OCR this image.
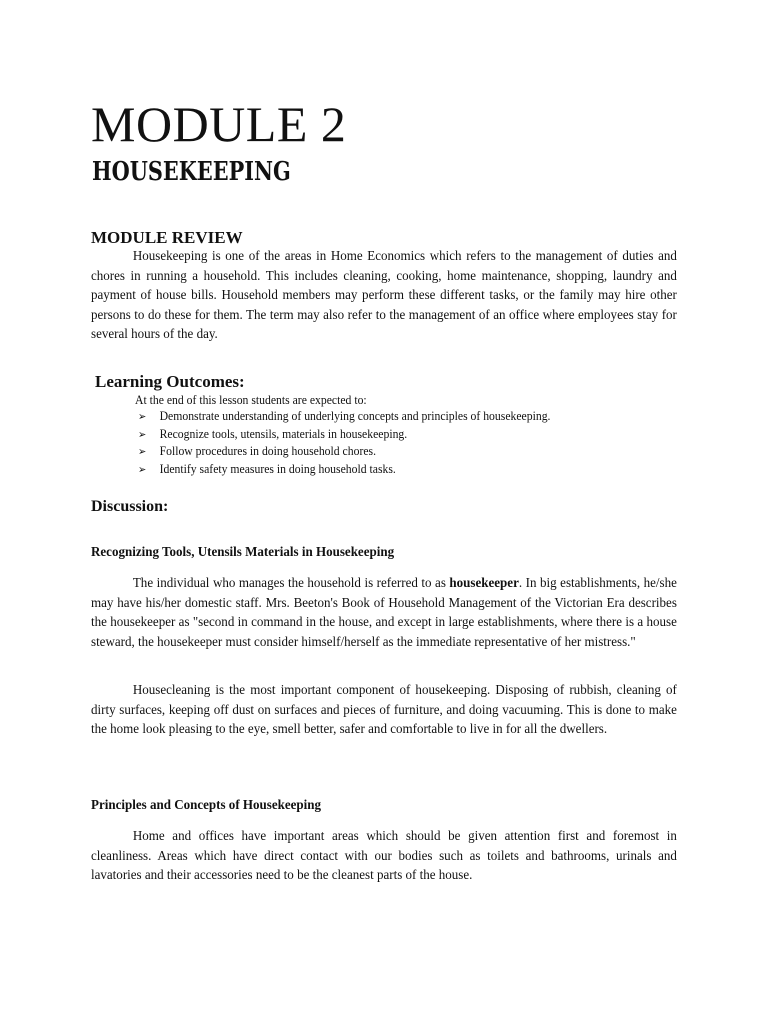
MODULE 2
HOUSEKEEPING
MODULE REVIEW

Housekeeping is one of the areas in Home Economics which refers to the management of duties and chores in running a household. This includes cleaning, cooking, home maintenance, shopping, laundry and payment of house bills. Household members may perform these different tasks, or the family may hire other persons to do these for them. The term may also refer to the management of an office where employees stay for several hours of the day.

Learning Outcomes:

At the end of this lesson students are expected to:

➢	Demonstrate understanding of underlying concepts and principles of housekeeping.
➢	Recognize tools, utensils, materials in housekeeping.
➢	Follow procedures in doing household chores.
➢	Identify safety measures in doing household tasks.
Discussion:
Recognizing Tools, Utensils Materials in Housekeeping

The individual who manages the household is referred to as housekeeper. In big establishments, he/she may have his/her domestic staff. Mrs. Beeton's Book of Household Management of the Victorian Era describes the housekeeper as "second in command in the house, and except in large establishments, where there is a house steward, the housekeeper must consider himself/herself as the immediate representative of her mistress."

Housecleaning is the most important component of housekeeping. Disposing of rubbish, cleaning of dirty surfaces, keeping off dust on surfaces and pieces of furniture, and doing vacuuming. This is done to make the home look pleasing to the eye, smell better, safer and comfortable to live in for all the dwellers.

Principles and Concepts of Housekeeping

Home and offices have important areas which should be given attention first and foremost in cleanliness. Areas which have direct contact with our bodies such as toilets and bathrooms, urinals and lavatories and their accessories need to be the cleanest parts of the house.
